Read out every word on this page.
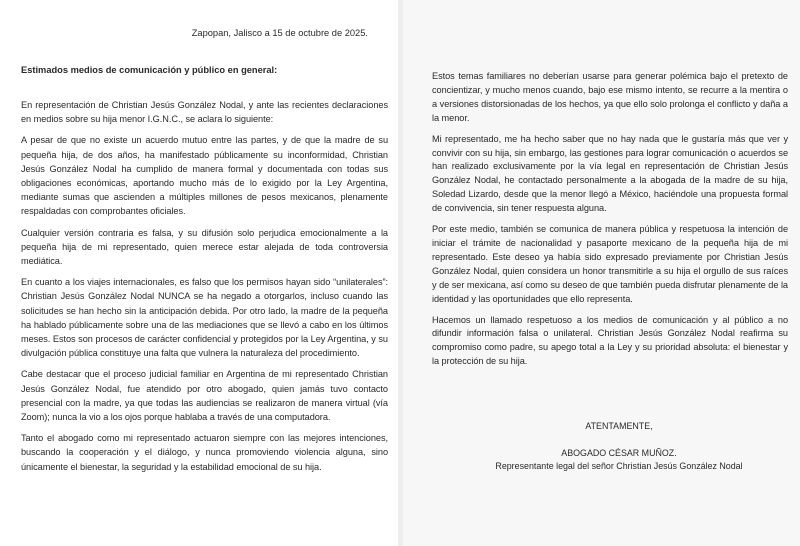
Zapopan, Jalisco a 15 de octubre de 2025.

Estimados medios de comunicación y público en general:

En representación de Christian Jesús González Nodal, y ante las recientes declaraciones en medios sobre su hija menor I.G.N.C., se aclara lo siguiente:

A pesar de que no existe un acuerdo mutuo entre las partes, y de que la madre de su pequeña hija, de dos años, ha manifestado públicamente su inconformidad, Christian Jesús González Nodal ha cumplido de manera formal y documentada con todas sus obligaciones económicas, aportando mucho más de lo exigido por la Ley Argentina, mediante sumas que ascienden a múltiples millones de pesos mexicanos, plenamente respaldadas con comprobantes oficiales.

Cualquier versión contraria es falsa, y su difusión solo perjudica emocionalmente a la pequeña hija de mi representado, quien merece estar alejada de toda controversia mediática.

En cuanto a los viajes internacionales, es falso que los permisos hayan sido “unilaterales”: Christian Jesús González Nodal NUNCA se ha negado a otorgarlos, incluso cuando las solicitudes se han hecho sin la anticipación debida. Por otro lado, la madre de la pequeña ha hablado públicamente sobre una de las mediaciones que se llevó a cabo en los últimos meses. Estos son procesos de carácter confidencial y protegidos por la Ley Argentina, y su divulgación pública constituye una falta que vulnera la naturaleza del procedimiento.

Cabe destacar que el proceso judicial familiar en Argentina de mi representado Christian Jesús González Nodal, fue atendido por otro abogado, quien jamás tuvo contacto presencial con la madre, ya que todas las audiencias se realizaron de manera virtual (vía Zoom); nunca la vio a los ojos porque hablaba a través de una computadora.

Tanto el abogado como mi representado actuaron siempre con las mejores intenciones, buscando la cooperación y el diálogo, y nunca promoviendo violencia alguna, sino únicamente el bienestar, la seguridad y la estabilidad emocional de su hija.

Estos temas familiares no deberían usarse para generar polémica bajo el pretexto de concientizar, y mucho menos cuando, bajo ese mismo intento, se recurre a la mentira o a versiones distorsionadas de los hechos, ya que ello solo prolonga el conflicto y daña a la menor.

Mi representado, me ha hecho saber que no hay nada que le gustaría más que ver y convivir con su hija, sin embargo, las gestiones para lograr comunicación o acuerdos se han realizado exclusivamente por la vía legal en representación de Christian Jesús González Nodal, he contactado personalmente a la abogada de la madre de su hija, Soledad Lizardo, desde que la menor llegó a México, haciéndole una propuesta formal de convivencia, sin tener respuesta alguna.

Por este medio, también se comunica de manera pública y respetuosa la intención de iniciar el trámite de nacionalidad y pasaporte mexicano de la pequeña hija de mi representado. Este deseo ya había sido expresado previamente por Christian Jesús González Nodal, quien considera un honor transmitirle a su hija el orgullo de sus raíces y de ser mexicana, así como su deseo de que también pueda disfrutar plenamente de la identidad y las oportunidades que ello representa.

Hacemos un llamado respetuoso a los medios de comunicación y al público a no difundir información falsa o unilateral. Christian Jesús González Nodal reafirma su compromiso como padre, su apego total a la Ley y su prioridad absoluta: el bienestar y la protección de su hija.

ATENTAMENTE,

ABOGADO CÉSAR MUÑOZ.

Representante legal del señor Christian Jesús González Nodal
